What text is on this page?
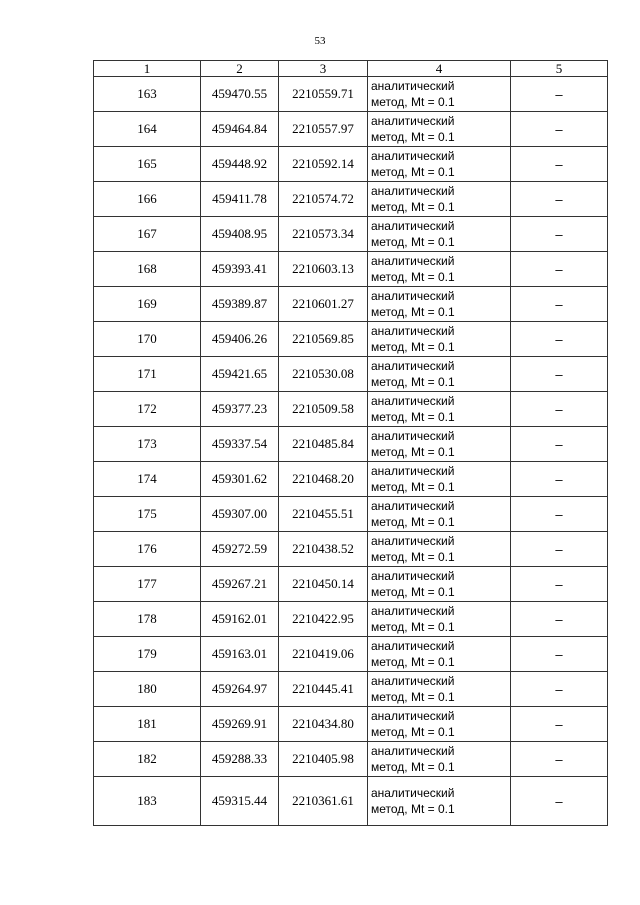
53
1	2	3	4	5
163	459470.55	2210559.71	аналитический
метод, Mt = 0.1	–
164	459464.84	2210557.97	аналитический
метод, Mt = 0.1	–
165	459448.92	2210592.14	аналитический
метод, Mt = 0.1	–
166	459411.78	2210574.72	аналитический
метод, Mt = 0.1	–
167	459408.95	2210573.34	аналитический
метод, Mt = 0.1	–
168	459393.41	2210603.13	аналитический
метод, Mt = 0.1	–
169	459389.87	2210601.27	аналитический
метод, Mt = 0.1	–
170	459406.26	2210569.85	аналитический
метод, Mt = 0.1	–
171	459421.65	2210530.08	аналитический
метод, Mt = 0.1	–
172	459377.23	2210509.58	аналитический
метод, Mt = 0.1	–
173	459337.54	2210485.84	аналитический
метод, Mt = 0.1	–
174	459301.62	2210468.20	аналитический
метод, Mt = 0.1	–
175	459307.00	2210455.51	аналитический
метод, Mt = 0.1	–
176	459272.59	2210438.52	аналитический
метод, Mt = 0.1	–
177	459267.21	2210450.14	аналитический
метод, Mt = 0.1	–
178	459162.01	2210422.95	аналитический
метод, Mt = 0.1	–
179	459163.01	2210419.06	аналитический
метод, Mt = 0.1	–
180	459264.97	2210445.41	аналитический
метод, Mt = 0.1	–
181	459269.91	2210434.80	аналитический
метод, Mt = 0.1	–
182	459288.33	2210405.98	аналитический
метод, Mt = 0.1	–
183	459315.44	2210361.61	аналитический
метод, Mt = 0.1	–
